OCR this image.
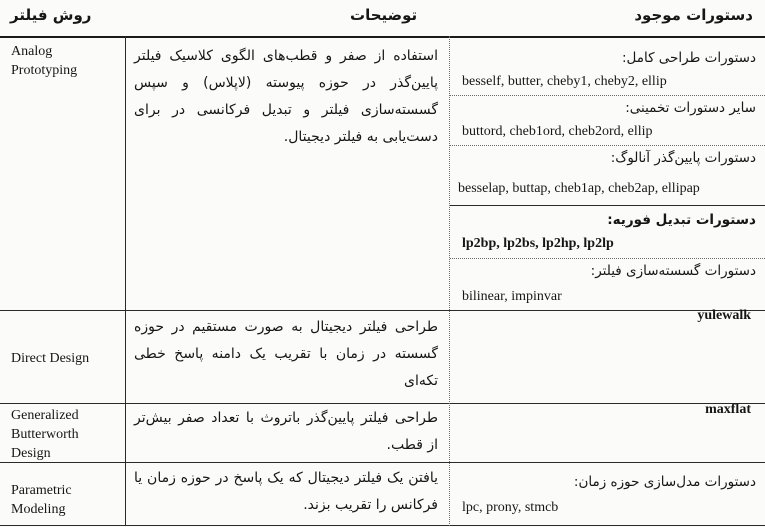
روش فیلتر	توضیحات	دستورات موجود
Analog
Prototyping
استفاده از صفر و قطب‌های الگوی کلاسیک فیلتر پایین‌گذر در حوزه پیوسته (لاپلاس) و سپس گسسته‌سازی فیلتر و تبدیل فرکانسی در برای دست‌یابی به فیلتر دیجیتال.
دستورات طراحی کامل:
besself, butter, cheby1, cheby2, ellip
سایر دستورات تخمینی:
buttord, cheb1ord, cheb2ord, ellip
دستورات پایین‌گذر آنالوگ:
besselap, buttap, cheb1ap, cheb2ap, ellipap
دستورات تبدیل فوریه:
lp2bp, lp2bs, lp2hp, lp2lp
دستورات گسسته‌سازی فیلتر:
bilinear, impinvar
Direct Design
طراحی فیلتر دیجیتال به صورت مستقیم در حوزه گسسته در زمان با تقریب یک دامنه پاسخ خطی تکه‌ای
yulewalk
Generalized
Butterworth
Design
طراحی فیلتر پایین‌گذر باتروث با تعداد صفر بیش‌تر از قطب.
maxflat
Parametric
Modeling
یافتن یک فیلتر دیجیتال که یک پاسخ در حوزه زمان یا فرکانس را تقریب بزند.
دستورات مدل‌سازی حوزه زمان:
lpc, prony, stmcb
